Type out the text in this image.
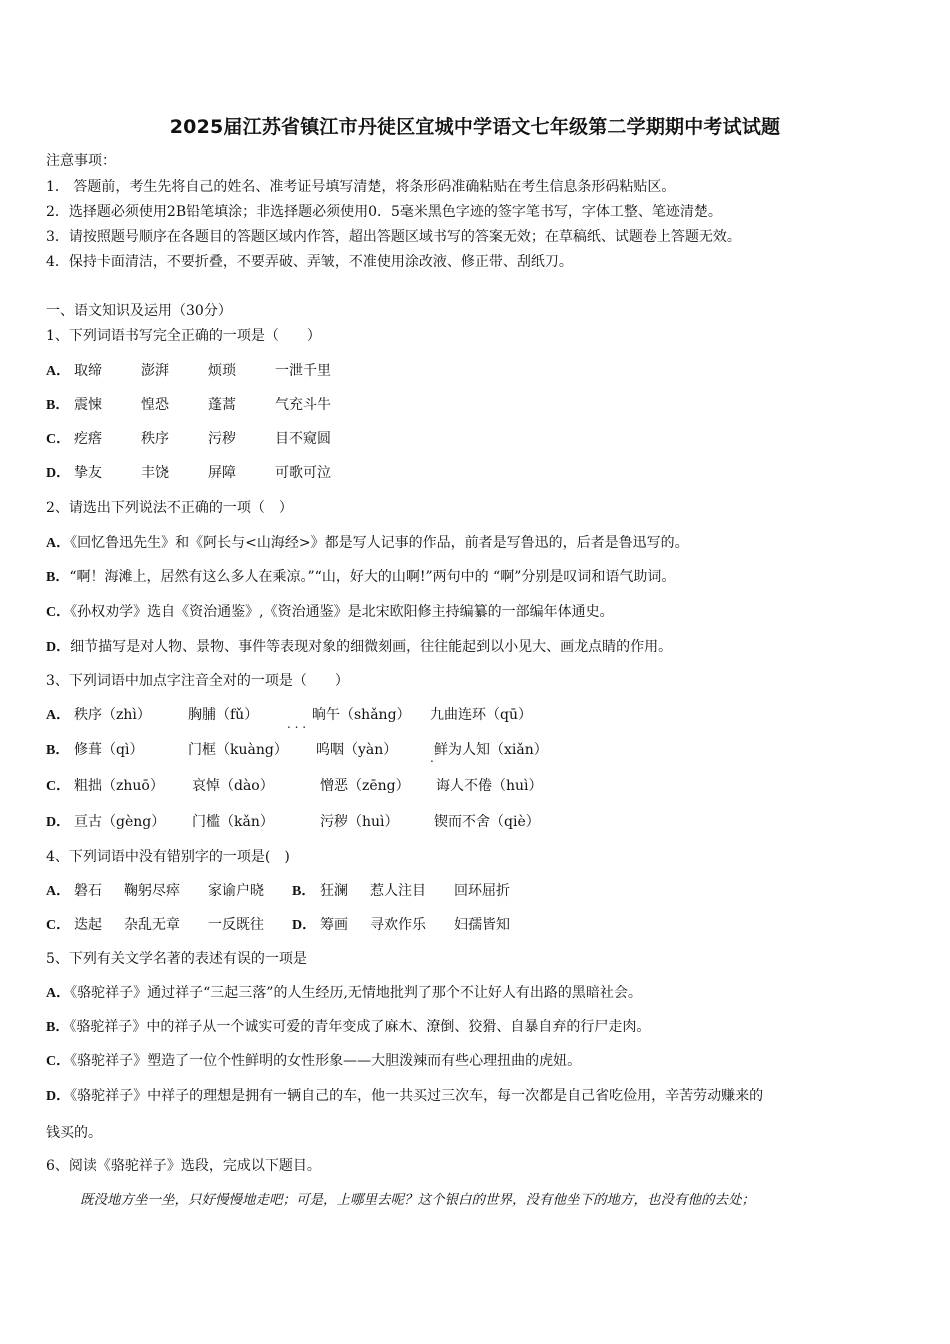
2025届江苏省镇江市丹徒区宜城中学语文七年级第二学期期中考试试题
注意事项：
1． 答题前，考生先将自己的姓名、准考证号填写清楚，将条形码准确粘贴在考生信息条形码粘贴区。
2．选择题必须使用2B铅笔填涂；非选择题必须使用0．5毫米黑色字迹的签字笔书写，字体工整、笔迹清楚。
3．请按照题号顺序在各题目的答题区域内作答，超出答题区域书写的答案无效；在草稿纸、试题卷上答题无效。
4．保持卡面清洁，不要折叠，不要弄破、弄皱，不准使用涂改液、修正带、刮纸刀。
一、语文知识及运用（30分）
1、下列词语书写完全正确的一项是（　　）
A． 取缔	澎湃	烦琐	一泄千里
B． 震悚	惶恐	蓬蒿	气充斗牛
C． 疙瘩	秩序	污秽	目不窥圆
D． 挚友	丰饶	屏障	可歌可泣
2、请选出下列说法不正确的一项（　）
A．《回忆鲁迅先生》和《阿长与<山海经>》都是写人记事的作品，前者是写鲁迅的，后者是鲁迅写的。
B．“啊！海滩上，居然有这么多人在乘凉。”“山，好大的山啊!”两句中的 “啊”分别是叹词和语气助词。
C．《孙权劝学》选自《资治通鉴》,《资治通鉴》是北宋欧阳修主持编纂的一部编年体通史。
D．细节描写是对人物、景物、事件等表现对象的细微刻画，往往能起到以小见大、画龙点睛的作用。
3、下列词语中加点字注音全对的一项是（　　）
A． 秩序（zhì）	胸脯（fǔ）	晌午（shǎng） 九曲连环（qū）
. . .
B． 修葺（qì）	门框（kuàng） 呜咽（yàn）	鲜为人知（xiǎn）
.
C． 粗拙（zhuō） 哀悼（dào）	憎恶（zēng） 诲人不倦（huì）
D． 亘古（gèng） 门槛（kǎn）	污秽（huì）	锲而不舍（qiè）
4、下列词语中没有错别字的一项是(　)
A． 磐石 鞠躬尽瘁 家谕户晓 B． 狂澜 惹人注目 回环屈折
C． 迭起 杂乱无章 一反既往 D． 筹画 寻欢作乐 妇孺皆知
5、下列有关文学名著的表述有误的一项是
A．《骆驼祥子》通过祥子“三起三落”的人生经历,无情地批判了那个不让好人有出路的黑暗社会。
B．《骆驼祥子》中的祥子从一个诚实可爱的青年变成了麻木、潦倒、狡猾、自暴自弃的行尸走肉。
C．《骆驼祥子》塑造了一位个性鲜明的女性形象——大胆泼辣而有些心理扭曲的虎妞。
D．《骆驼祥子》中祥子的理想是拥有一辆自己的车，他一共买过三次车，每一次都是自己省吃俭用，辛苦劳动赚来的
钱买的。
6、阅读《骆驼祥子》选段，完成以下题目。
既没地方坐一坐，只好慢慢地走吧；可是，上哪里去呢？这个银白的世界，没有他坐下的地方，也没有他的去处；
